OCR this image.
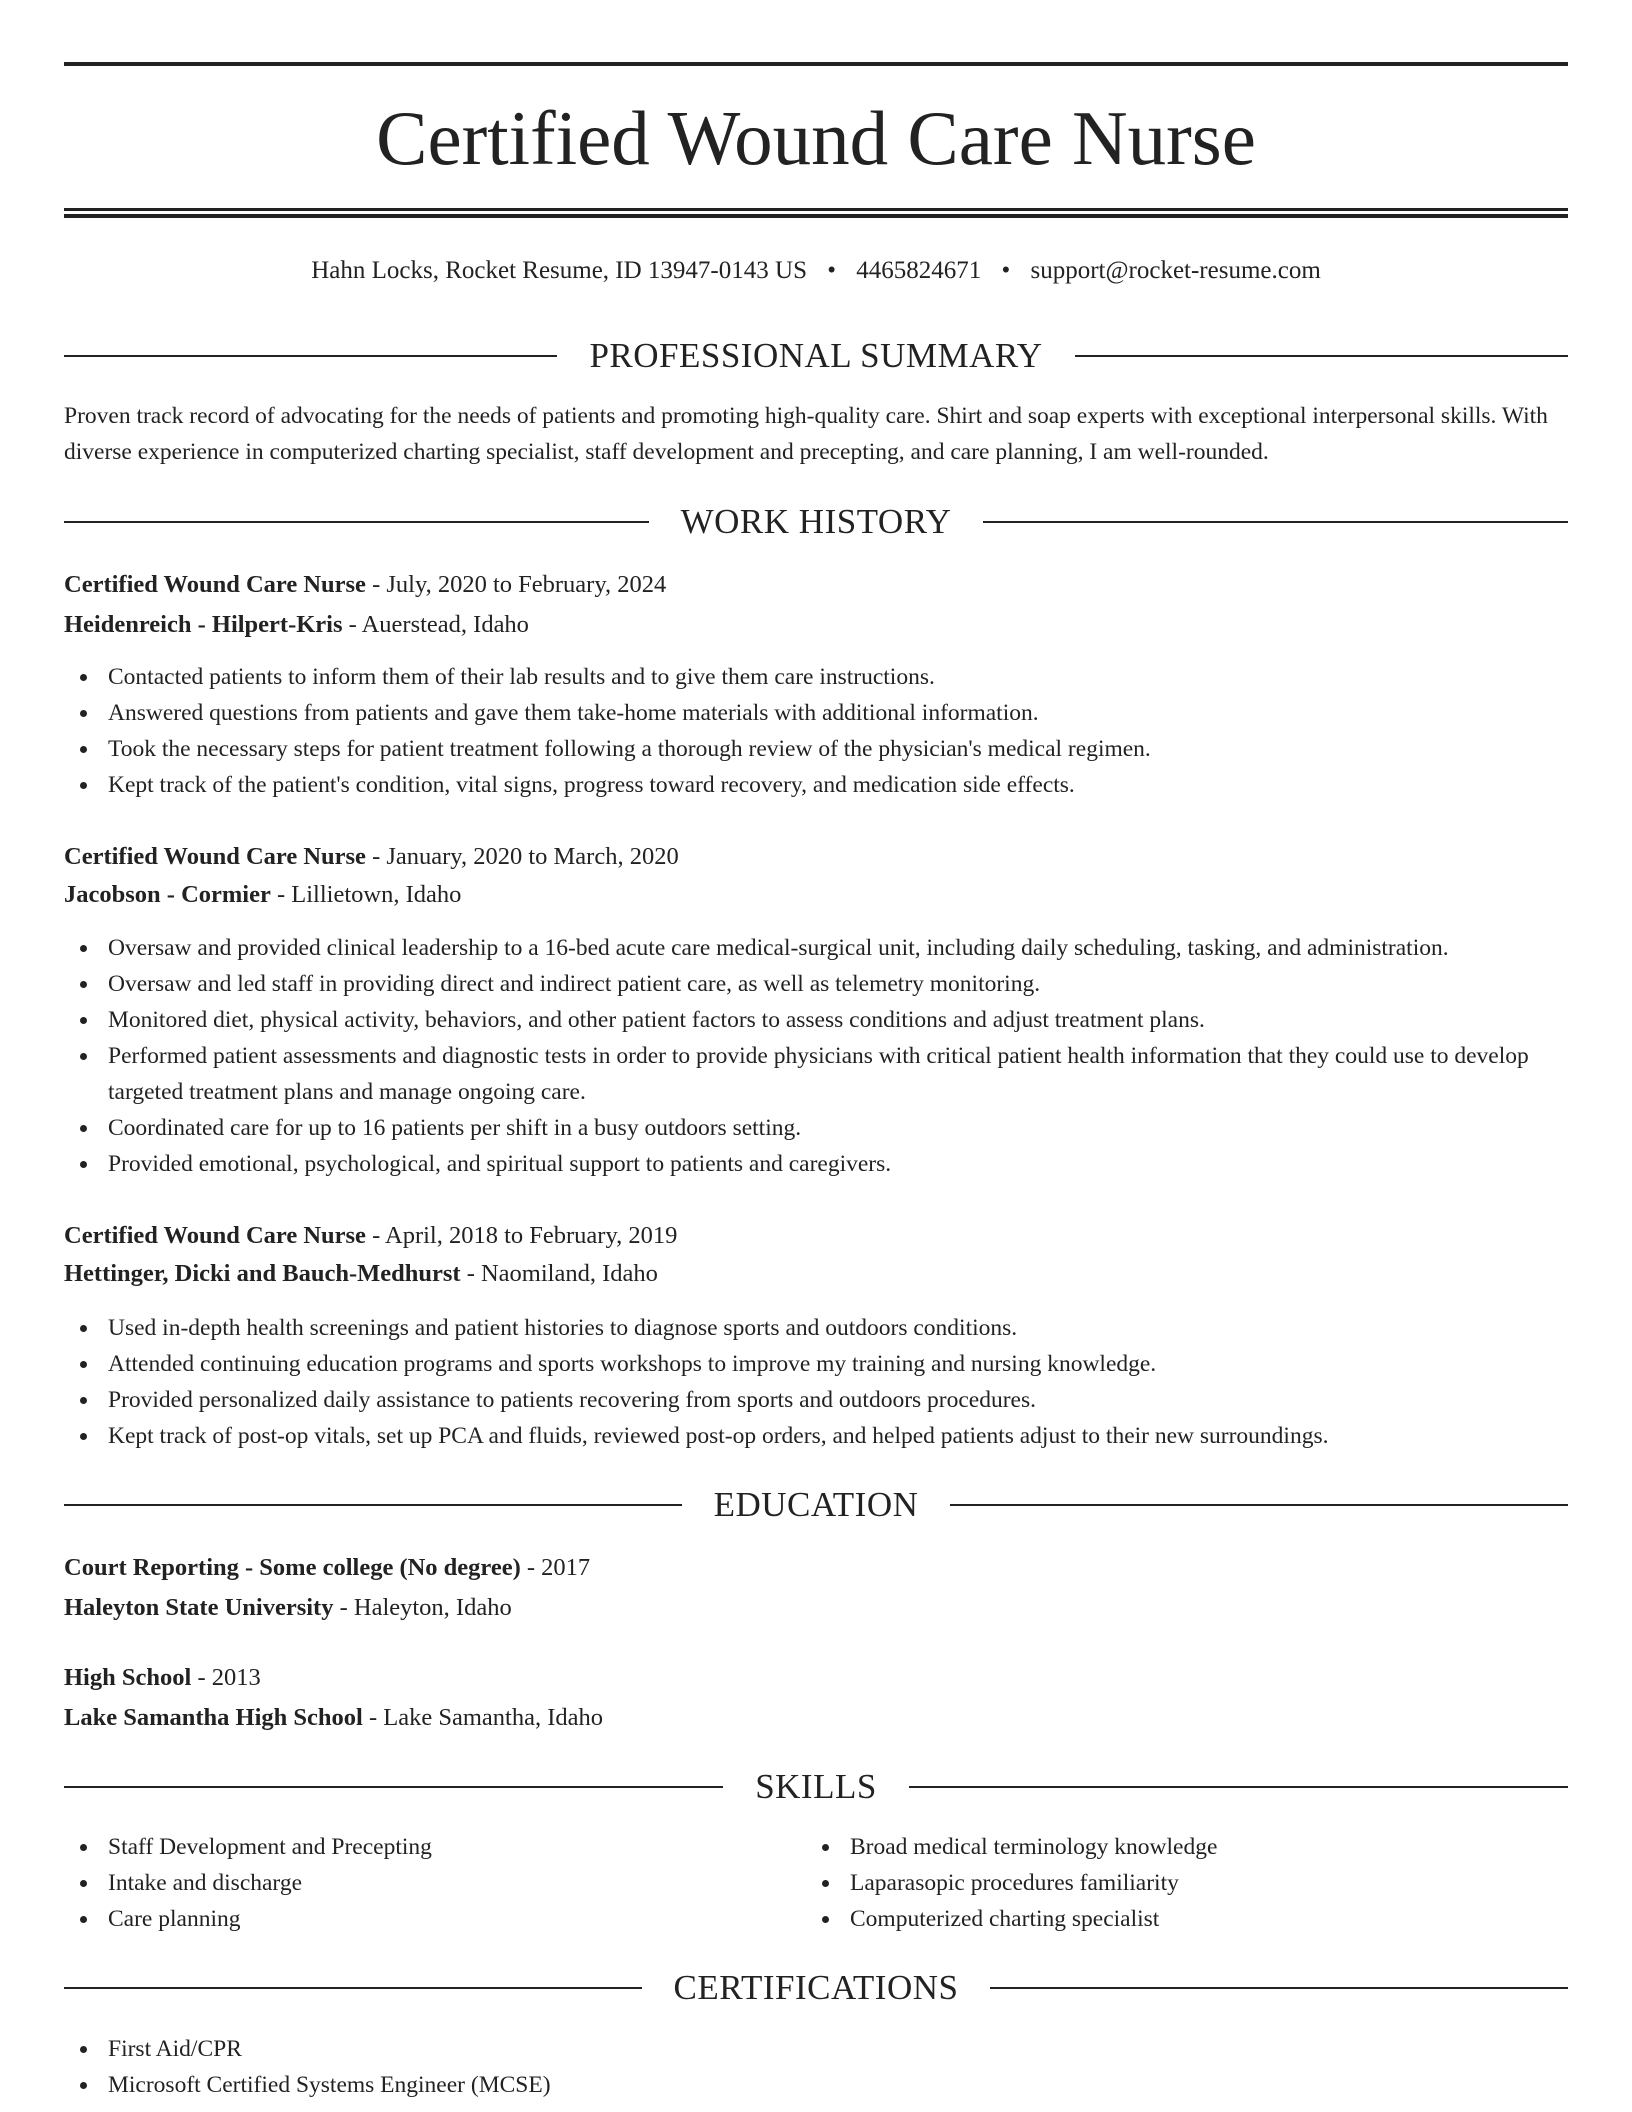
Certified Wound Care Nurse
Hahn Locks, Rocket Resume, ID 13947-0143 US • 4465824671 • support@rocket-resume.com
PROFESSIONAL SUMMARY
Proven track record of advocating for the needs of patients and promoting high-quality care. Shirt and soap experts with exceptional interpersonal skills. With diverse experience in computerized charting specialist, staff development and precepting, and care planning, I am well-rounded.
WORK HISTORY
Certified Wound Care Nurse - July, 2020 to February, 2024
Heidenreich - Hilpert-Kris - Auerstead, Idaho
Contacted patients to inform them of their lab results and to give them care instructions.
Answered questions from patients and gave them take-home materials with additional information.
Took the necessary steps for patient treatment following a thorough review of the physician's medical regimen.
Kept track of the patient's condition, vital signs, progress toward recovery, and medication side effects.
Certified Wound Care Nurse - January, 2020 to March, 2020
Jacobson - Cormier - Lillietown, Idaho
Oversaw and provided clinical leadership to a 16-bed acute care medical-surgical unit, including daily scheduling, tasking, and administration.
Oversaw and led staff in providing direct and indirect patient care, as well as telemetry monitoring.
Monitored diet, physical activity, behaviors, and other patient factors to assess conditions and adjust treatment plans.
Performed patient assessments and diagnostic tests in order to provide physicians with critical patient health information that they could use to develop targeted treatment plans and manage ongoing care.
Coordinated care for up to 16 patients per shift in a busy outdoors setting.
Provided emotional, psychological, and spiritual support to patients and caregivers.
Certified Wound Care Nurse - April, 2018 to February, 2019
Hettinger, Dicki and Bauch-Medhurst - Naomiland, Idaho
Used in-depth health screenings and patient histories to diagnose sports and outdoors conditions.
Attended continuing education programs and sports workshops to improve my training and nursing knowledge.
Provided personalized daily assistance to patients recovering from sports and outdoors procedures.
Kept track of post-op vitals, set up PCA and fluids, reviewed post-op orders, and helped patients adjust to their new surroundings.
EDUCATION
Court Reporting - Some college (No degree) - 2017
Haleyton State University - Haleyton, Idaho
High School - 2013
Lake Samantha High School - Lake Samantha, Idaho
SKILLS
Staff Development and Precepting
Intake and discharge
Care planning
Broad medical terminology knowledge
Laparasopic procedures familiarity
Computerized charting specialist
CERTIFICATIONS
First Aid/CPR
Microsoft Certified Systems Engineer (MCSE)
